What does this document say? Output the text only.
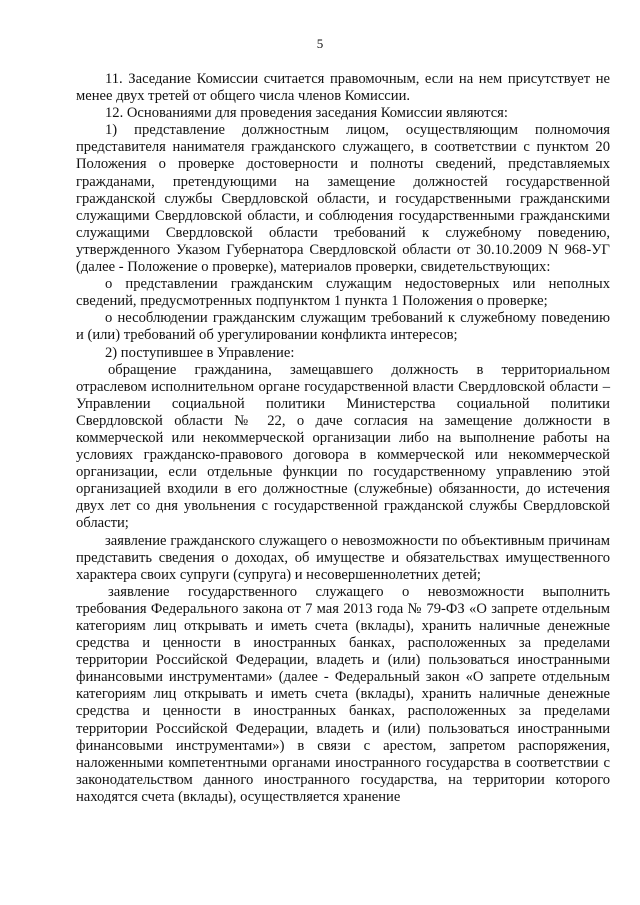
5

11. Заседание Комиссии считается правомочным, если на нем присутствует не менее двух третей от общего числа членов Комиссии.

12. Основаниями для проведения заседания Комиссии являются:

1) представление должностным лицом, осуществляющим полномочия представителя нанимателя гражданского служащего, в соответствии с пунктом 20 Положения о проверке достоверности и полноты сведений, представляемых гражданами, претендующими на замещение должностей государственной гражданской службы Свердловской области, и государственными гражданскими служащими Свердловской области, и соблюдения государственными гражданскими служащими Свердловской области требований к служебному поведению, утвержденного Указом Губернатора Свердловской области от 30.10.2009 N 968-УГ (далее - Положение о проверке), материалов проверки, свидетельствующих:

о представлении гражданским служащим недостоверных или неполных сведений, предусмотренных подпунктом 1 пункта 1 Положения о проверке;

о несоблюдении гражданским служащим требований к служебному поведению и (или) требований об урегулировании конфликта интересов;

2) поступившее в Управление:

обращение гражданина, замещавшего должность в территориальном отраслевом исполнительном органе государственной власти Свердловской области – Управлении социальной политики Министерства социальной политики Свердловской области № 22, о даче согласия на замещение должности в коммерческой или некоммерческой организации либо на выполнение работы на условиях гражданско-правового договора в коммерческой или некоммерческой организации, если отдельные функции по государственному управлению этой организацией входили в его должностные (служебные) обязанности, до истечения двух лет со дня увольнения с государственной гражданской службы Свердловской области;

заявление гражданского служащего о невозможности по объективным причинам представить сведения о доходах, об имуществе и обязательствах имущественного характера своих супруги (супруга) и несовершеннолетних детей;

заявление государственного служащего о невозможности выполнить требования Федерального закона от 7 мая 2013 года № 79-ФЗ «О запрете отдельным категориям лиц открывать и иметь счета (вклады), хранить наличные денежные средства и ценности в иностранных банках, расположенных за пределами территории Российской Федерации, владеть и (или) пользоваться иностранными финансовыми инструментами» (далее - Федеральный закон «О запрете отдельным категориям лиц открывать и иметь счета (вклады), хранить наличные денежные средства и ценности в иностранных банках, расположенных за пределами территории Российской Федерации, владеть и (или) пользоваться иностранными финансовыми инструментами») в связи с арестом, запретом распоряжения, наложенными компетентными органами иностранного государства в соответствии с законодательством данного иностранного государства, на территории которого находятся счета (вклады), осуществляется хранение
